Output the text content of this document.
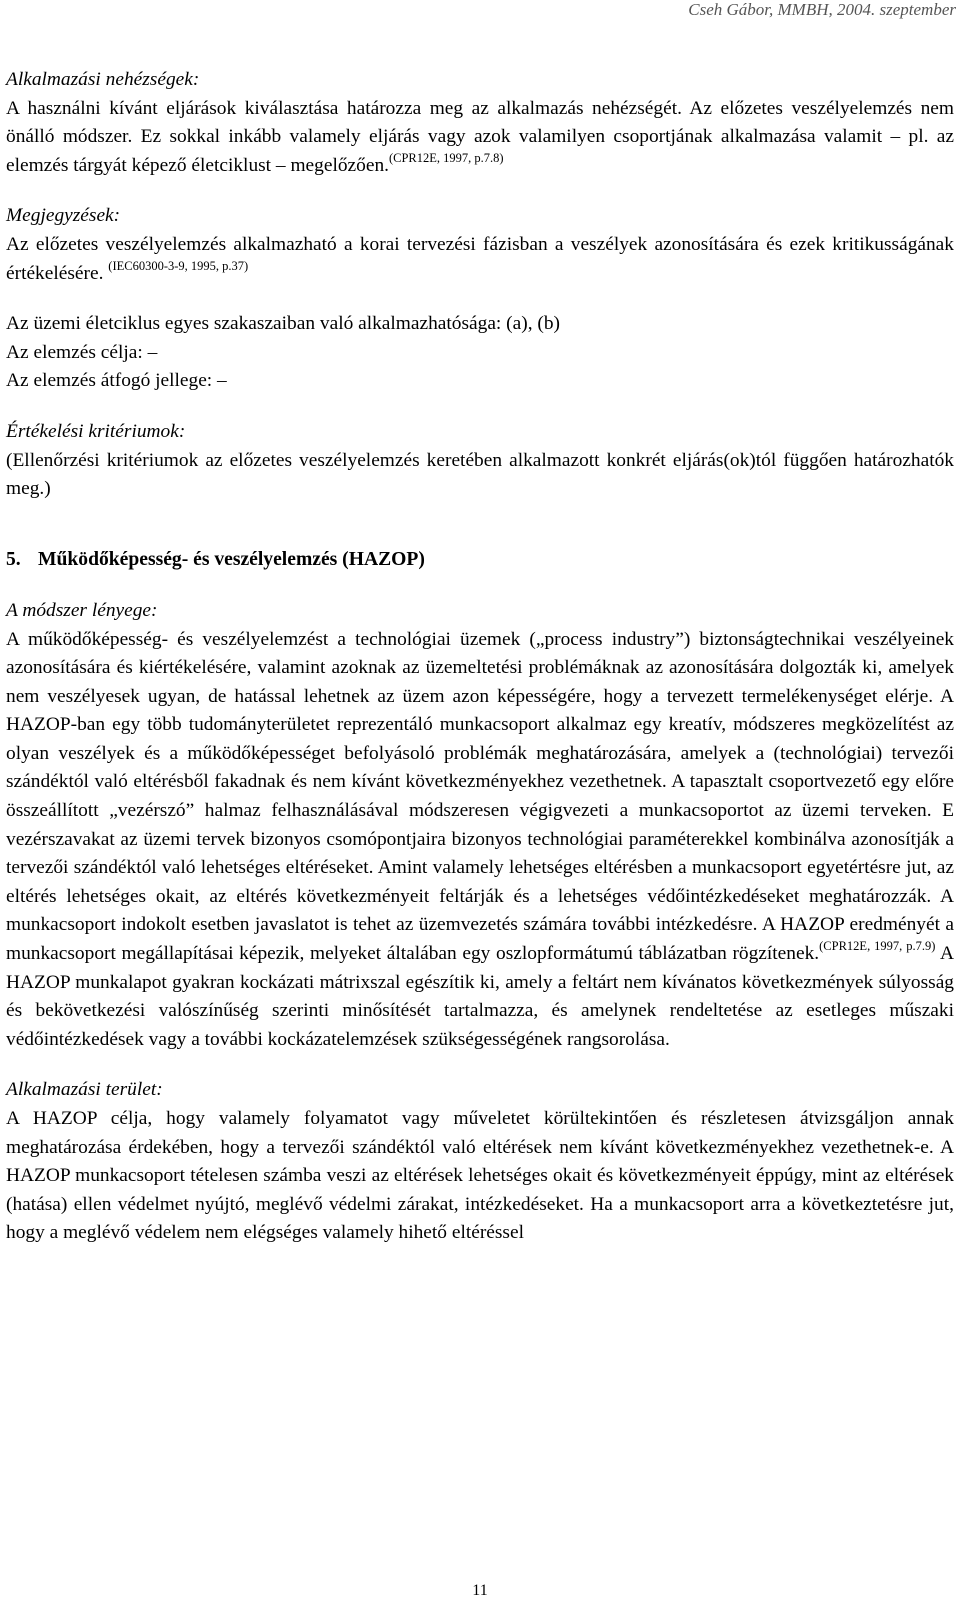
Cseh Gábor, MMBH, 2004. szeptember
Alkalmazási nehézségek:
A használni kívánt eljárások kiválasztása határozza meg az alkalmazás nehézségét. Az előzetes veszélyelemzés nem önálló módszer. Ez sokkal inkább valamely eljárás vagy azok valamilyen csoportjának alkalmazása valamit – pl. az elemzés tárgyát képező életciklust – megelőzően.$^{(CPR12E, 1997, p.7.8)}$
Megjegyzések:
Az előzetes veszélyelemzés alkalmazható a korai tervezési fázisban a veszélyek azonosítására és ezek kritikusságának értékelésére. $^{(IEC60300-3-9, 1995, p.37)}$
Az üzemi életciklus egyes szakaszaiban való alkalmazhatósága: (a), (b)
Az elemzés célja: –
Az elemzés átfogó jellege: –
Értékelési kritériumok:
(Ellenőrzési kritériumok az előzetes veszélyelemzés keretében alkalmazott konkrét eljárás(ok)tól függően határozhatók meg.)
5. Működőképesség- és veszélyelemzés (HAZOP)
A módszer lényege:
A működőképesség- és veszélyelemzést a technológiai üzemek („process industry”) biztonságtechnikai veszélyeinek azonosítására és kiértékelésére, valamint azoknak az üzemeltetési problémáknak az azonosítására dolgozták ki, amelyek nem veszélyesek ugyan, de hatással lehetnek az üzem azon képességére, hogy a tervezett termelékenységet elérje. A HAZOP-ban egy több tudományterületet reprezentáló munkacsoport alkalmaz egy kreatív, módszeres megközelítést az olyan veszélyek és a működőképességet befolyásoló problémák meghatározására, amelyek a (technológiai) tervezői szándéktól való eltérésből fakadnak és nem kívánt következményekhez vezethetnek. A tapasztalt csoportvezető egy előre összeállított „vezérszó” halmaz felhasználásával módszeresen végigvezeti a munkacsoportot az üzemi terveken. E vezérszavakat az üzemi tervek bizonyos csomópontjaira bizonyos technológiai paraméterekkel kombinálva azonosítják a tervezői szándéktól való lehetséges eltéréseket. Amint valamely lehetséges eltérésben a munkacsoport egyetértésre jut, az eltérés lehetséges okait, az eltérés következményeit feltárják és a lehetséges védőintézkedéseket meghatározzák. A munkacsoport indokolt esetben javaslatot is tehet az üzemvezetés számára további intézkedésre. A HAZOP eredményét a munkacsoport megállapításai képezik, melyeket általában egy oszlopformátumú táblázatban rögzítenek.$^{(CPR12E, 1997, p.7.9)}$ A HAZOP munkalapot gyakran kockázati mátrixszal egészítik ki, amely a feltárt nem kívánatos következmények súlyosság és bekövetkezési valószínűség szerinti minősítését tartalmazza, és amelynek rendeltetése az esetleges műszaki védőintézkedések vagy a további kockázatelemzések szükségességének rangsorolása.
Alkalmazási terület:
A HAZOP célja, hogy valamely folyamatot vagy műveletet körültekintően és részletesen átvizsgáljon annak meghatározása érdekében, hogy a tervezői szándéktól való eltérések nem kívánt következményekhez vezethetnek-e. A HAZOP munkacsoport tételesen számba veszi az eltérések lehetséges okait és következményeit éppúgy, mint az eltérések (hatása) ellen védelmet nyújtó, meglévő védelmi zárakat, intézkedéseket. Ha a munkacsoport arra a következtetésre jut, hogy a meglévő védelem nem elégséges valamely hihető eltéréssel
11
